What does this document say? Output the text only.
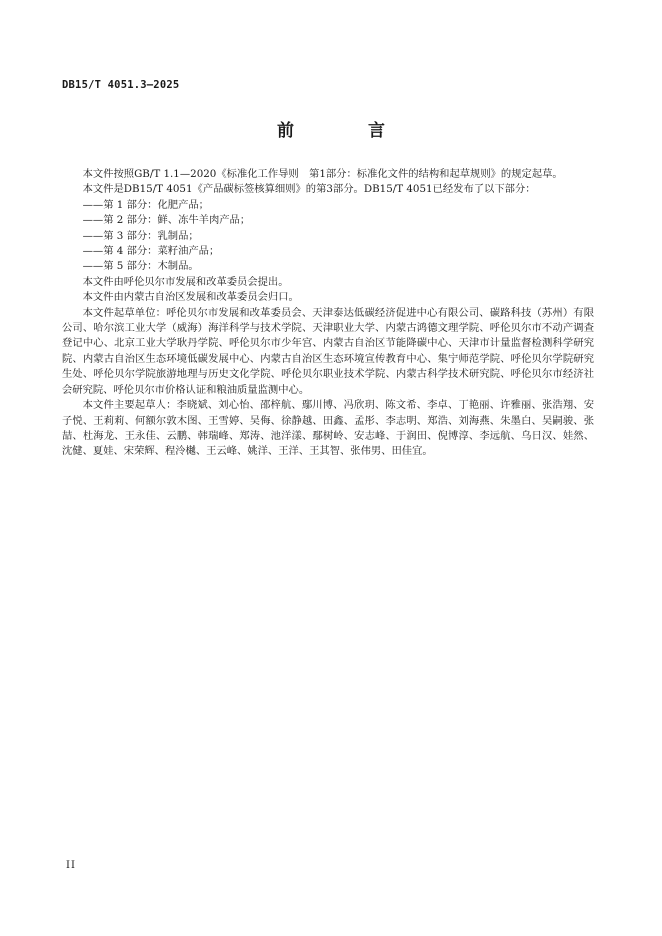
DB15/T 4051.3—2025
前 言

本文件按照GB/T 1.1—2020《标准化工作导则　第1部分：标准化文件的结构和起草规则》的规定起草。

本文件是DB15/T 4051《产品碳标签核算细则》的第3部分。DB15/T 4051已经发布了以下部分：

——第 1 部分：化肥产品；

——第 2 部分：鲜、冻牛羊肉产品；

——第 3 部分：乳制品；

——第 4 部分：菜籽油产品；

——第 5 部分：木制品。

本文件由呼伦贝尔市发展和改革委员会提出。

本文件由内蒙古自治区发展和改革委员会归口。

本文件起草单位：呼伦贝尔市发展和改革委员会、天津泰达低碳经济促进中心有限公司、碳路科技（苏州）有限公司、哈尔滨工业大学（威海）海洋科学与技术学院、天津职业大学、内蒙古鸿德文理学院、呼伦贝尔市不动产调查登记中心、北京工业大学耿丹学院、呼伦贝尔市少年宫、内蒙古自治区节能降碳中心、天津市计量监督检测科学研究院、内蒙古自治区生态环境低碳发展中心、内蒙古自治区生态环境宣传教育中心、集宁师范学院、呼伦贝尔学院研究生处、呼伦贝尔学院旅游地理与历史文化学院、呼伦贝尔职业技术学院、内蒙古科学技术研究院、呼伦贝尔市经济社会研究院、呼伦贝尔市价格认证和粮油质量监测中心。

本文件主要起草人：李晓斌、刘心怡、邵梓航、鄢川博、冯欣玥、陈文希、李卓、丁艳丽、许雅丽、张浩翔、安子悦、王莉莉、何额尔敦木图、王雪婷、吴侮、徐静越、田鑫、孟彤、李志明、郑浩、刘海燕、朱墨白、吴嗣骏、张喆、杜海龙、王永佳、云鹏、韩瑞峰、郑涛、池洋漾、鄢树岭、安志峰、于润田、倪博淳、李远航、乌日汉、娃然、沈健、夏娃、宋荣辉、程泠樾、王云峰、姚洋、王洋、王其智、张伟男、田佳宜。

II
